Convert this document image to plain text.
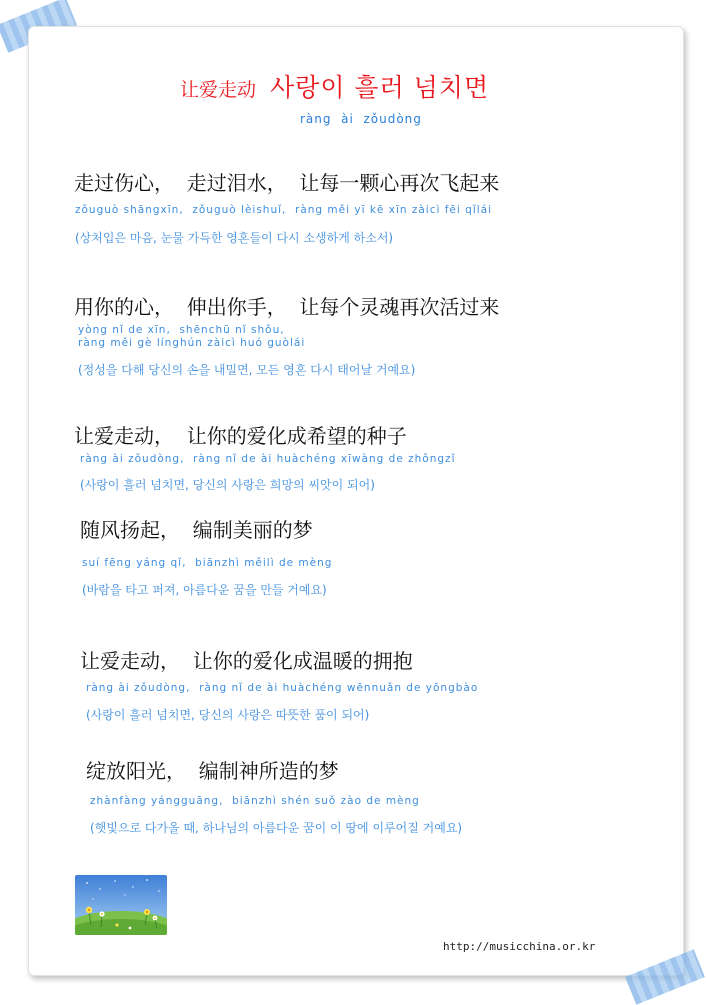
让爱走动 사랑이 흘러 넘치면
ràng  ài  zǒudòng
走过伤心，  走过泪水，  让每一颗心再次飞起来
zǒuguò shāngxīn,  zǒuguò lèishuǐ,  ràng měi yī kē xīn zàicì fēi qǐlái
(상처입은 마음, 눈물 가득한 영혼들이 다시 소생하게 하소서)
用你的心，  伸出你手，  让每个灵魂再次活过来
yòng nǐ de xīn,  shēnchū nǐ shǒu,
ràng měi gè línghún zàicì huó guòlái
(정성을 다해 당신의 손을 내밀면, 모든 영혼 다시 태어날 거예요)
让爱走动，  让你的爱化成希望的种子
ràng ài zǒudòng,  ràng nǐ de ài huàchéng xīwàng de zhǒngzǐ
(사랑이 흘러 넘치면, 당신의 사랑은 희망의 씨앗이 되어)
随风扬起，  编制美丽的梦
suí fēng yáng qǐ,  biānzhì měilì de mèng
(바람을 타고 퍼져, 아름다운 꿈을 만들 거예요)
让爱走动，  让你的爱化成温暖的拥抱
ràng ài zǒudòng,  ràng nǐ de ài huàchéng wēnnuǎn de yōngbào
(사랑이 흘러 넘치면, 당신의 사랑은 따뜻한 품이 되어)
绽放阳光，  编制神所造的梦
zhànfàng yángguāng,  biānzhì shén suǒ zào de mèng
(햇빛으로 다가올 때, 하나님의 아름다운 꿈이 이 땅에 이루어질 거예요)
http://musicchina.or.kr
